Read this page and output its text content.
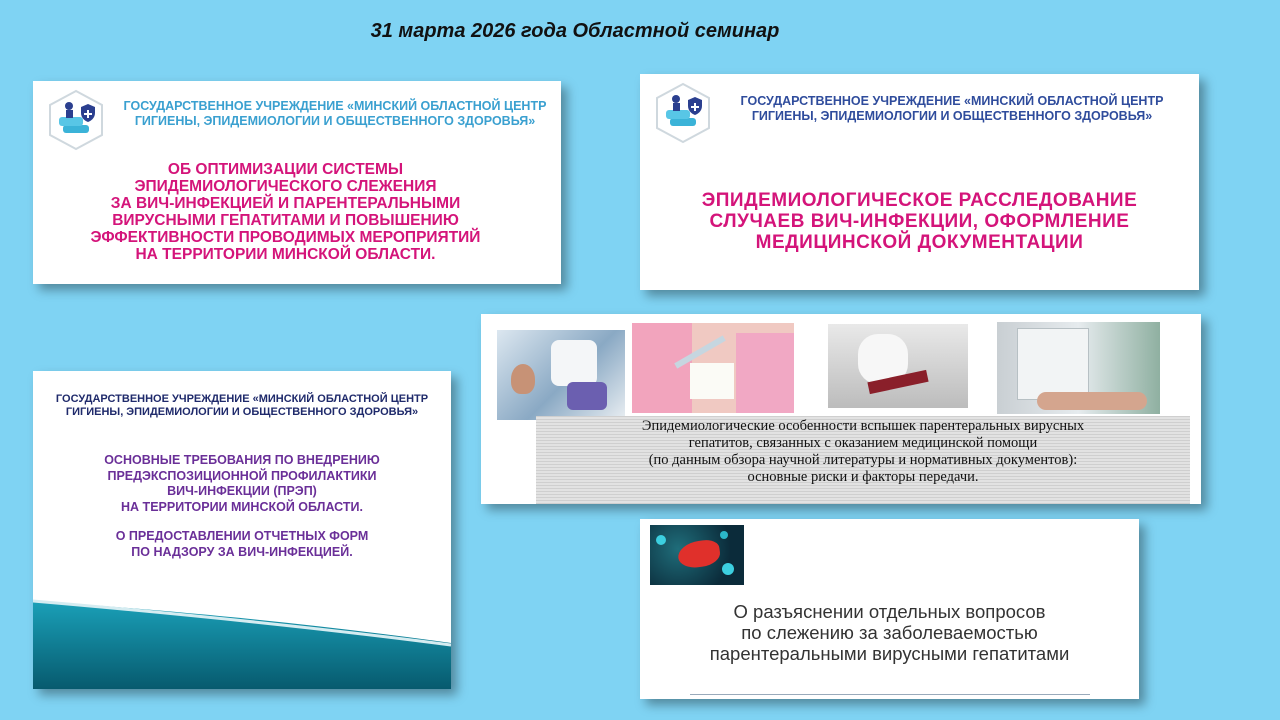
31 марта 2026 года Областной семинар
ГОСУДАРСТВЕННОЕ УЧРЕЖДЕНИЕ «МИНСКИЙ ОБЛАСТНОЙ ЦЕНТР
ГИГИЕНЫ, ЭПИДЕМИОЛОГИИ И ОБЩЕСТВЕННОГО ЗДОРОВЬЯ»
ОБ ОПТИМИЗАЦИИ СИСТЕМЫ
ЭПИДЕМИОЛОГИЧЕСКОГО СЛЕЖЕНИЯ
ЗА ВИЧ-ИНФЕКЦИЕЙ И ПАРЕНТЕРАЛЬНЫМИ
ВИРУСНЫМИ ГЕПАТИТАМИ И ПОВЫШЕНИЮ
ЭФФЕКТИВНОСТИ ПРОВОДИМЫХ МЕРОПРИЯТИЙ
НА ТЕРРИТОРИИ МИНСКОЙ ОБЛАСТИ.
ГОСУДАРСТВЕННОЕ УЧРЕЖДЕНИЕ «МИНСКИЙ ОБЛАСТНОЙ ЦЕНТР
ГИГИЕНЫ, ЭПИДЕМИОЛОГИИ И ОБЩЕСТВЕННОГО ЗДОРОВЬЯ»
ЭПИДЕМИОЛОГИЧЕСКОЕ РАССЛЕДОВАНИЕ
СЛУЧАЕВ ВИЧ-ИНФЕКЦИИ, ОФОРМЛЕНИЕ
МЕДИЦИНСКОЙ ДОКУМЕНТАЦИИ
Эпидемиологические особенности вспышек парентеральных вирусных
гепатитов, связанных с оказанием медицинской помощи
(по данным обзора научной литературы и нормативных документов):
основные риски и факторы передачи.
ГОСУДАРСТВЕННОЕ УЧРЕЖДЕНИЕ «МИНСКИЙ ОБЛАСТНОЙ ЦЕНТР
ГИГИЕНЫ, ЭПИДЕМИОЛОГИИ И ОБЩЕСТВЕННОГО ЗДОРОВЬЯ»
ОСНОВНЫЕ ТРЕБОВАНИЯ ПО ВНЕДРЕНИЮ
ПРЕДЭКСПОЗИЦИОННОЙ ПРОФИЛАКТИКИ
ВИЧ-ИНФЕКЦИИ (ПРЭП)
НА ТЕРРИТОРИИ МИНСКОЙ ОБЛАСТИ.
О ПРЕДОСТАВЛЕНИИ ОТЧЕТНЫХ ФОРМ
ПО НАДЗОРУ ЗА ВИЧ-ИНФЕКЦИЕЙ.
О разъяснении отдельных вопросов
по слежению за заболеваемостью
парентеральными вирусными гепатитами
